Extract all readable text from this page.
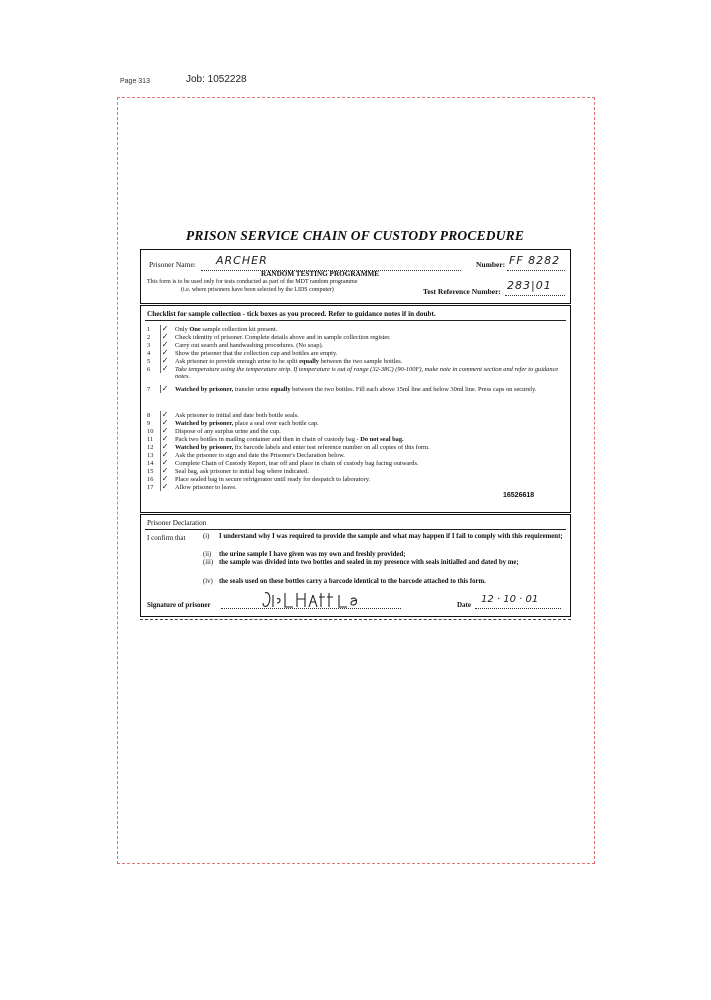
Page 313	Job: 1052228
PRISON SERVICE CHAIN OF CUSTODY PROCEDURE
Prisoner Name: ARCHER	Number: FF 8282
RANDOM TESTING PROGRAMME
This form is to be used only for tests conducted as part of the MDT random programme
(i.e. where prisoners have been selected by the LIDS computer)	Test Reference Number: 283|01
Checklist for sample collection - tick boxes as you proceed. Refer to guidance notes if in doubt.
1	|✓ Only One sample collection kit present.
2	|✓ Check identity of prisoner. Complete details above and in sample collection register.
3	|✓ Carry out search and handwashing procedures. (No soap).
4	|✓ Show the prisoner that the collection cup and bottles are empty.
5	|✓ Ask prisoner to provide enough urine to be split equally between the two sample bottles.
6	|✓ Take temperature using the temperature strip. If temperature is out of range (32-38C) (90-100F), make note in comment section and refer to guidance notes.
7	|✓ Watched by prisoner, transfer urine equally between the two bottles. Fill each above 15ml line and below 30ml line. Press caps on securely.
8	|✓ Ask prisoner to initial and date both bottle seals.
9	|✓ Watched by prisoner, place a seal over each bottle cap.
10 |✓ Dispose of any surplus urine and the cup.
11 |✓ Pack two bottles in mailing container and then in chain of custody bag - Do not seal bag.
12 |✓ Watched by prisoner, fix barcode labels and enter test reference number on all copies of this form.
13 |✓ Ask the prisoner to sign and date the Prisoner's Declaration below.
14 |✓ Complete Chain of Custody Report, tear off and place in chain of custody bag facing outwards.
15 |✓ Seal bag, ask prisoner to initial bag where indicated.
16 |✓ Place sealed bag in secure refrigerator until ready for despatch to laboratory.
17 |✓ Allow prisoner to leave.
16526618
Prisoner Declaration
I confirm that	(i) I understand why I was required to provide the sample and what may happen if I fail to comply with this requirement;
(ii) the urine sample I have given was my own and freshly provided;
(iii) the sample was divided into two bottles and sealed in my presence with seals initialled and dated by me;
(iv) the seals used on these bottles carry a barcode identical to the barcode attached to this form.
Signature of prisoner	Date 12 · 10 · 01
